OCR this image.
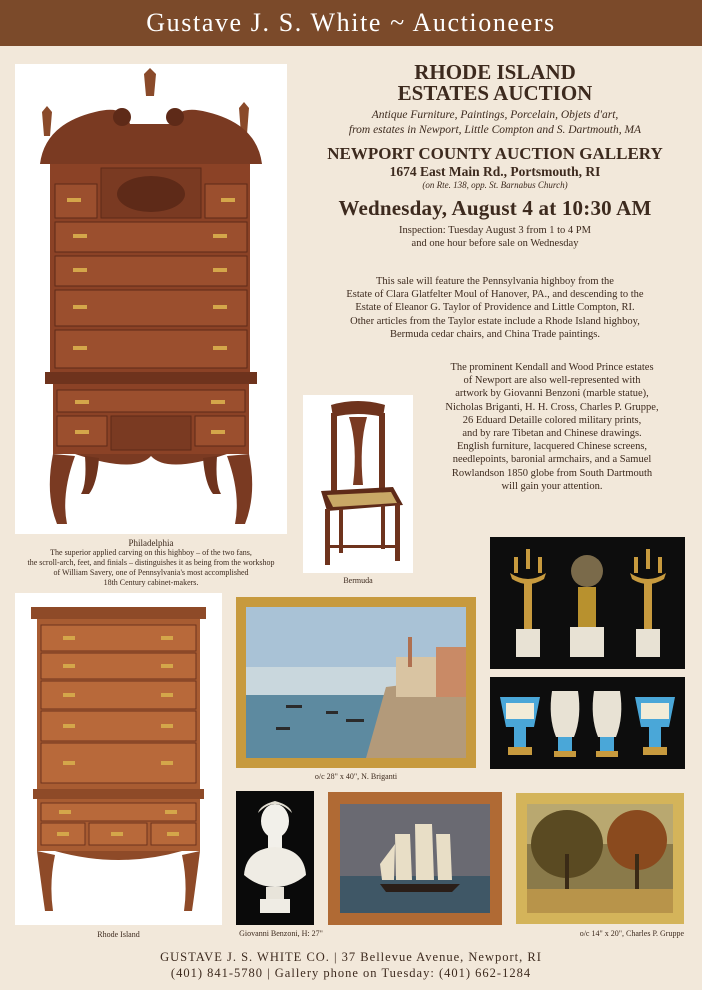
Gustave J. S. White ~ Auctioneers
Philadelphia
The superior applied carving on this highboy – of the two fans,
the scroll-arch, feet, and finials – distinguishes it as being from the workshop
of William Savery, one of Pennsylvania's most accomplished
18th Century cabinet-makers.
RHODE ISLAND
ESTATES AUCTION
Antique Furniture, Paintings, Porcelain, Objets d'art,
from estates in Newport, Little Compton and S. Dartmouth, MA
NEWPORT COUNTY AUCTION GALLERY
1674 East Main Rd., Portsmouth, RI
(on Rte. 138, opp. St. Barnabus Church)
Wednesday, August 4 at 10:30 AM
Inspection: Tuesday August 3 from 1 to 4 PM
and one hour before sale on Wednesday
This sale will feature the Pennsylvania highboy from the
Estate of Clara Glatfelter Moul of Hanover, PA., and descending to the
Estate of Eleanor G. Taylor of Providence and Little Compton, RI.
Other articles from the Taylor estate include a Rhode Island highboy,
Bermuda cedar chairs, and China Trade paintings.
Bermuda
The prominent Kendall and Wood Prince estates
of Newport are also well-represented with
artwork by Giovanni Benzoni (marble statue),
Nicholas Briganti, H. H. Cross, Charles P. Gruppe,
26 Eduard Detaille colored military prints,
and by rare Tibetan and Chinese drawings.
English furniture, lacquered Chinese screens,
needlepoints, baronial armchairs, and a Samuel
Rowlandson 1850 globe from South Dartmouth
will gain your attention.
Rhode Island
o/c 28" x 40", N. Briganti
Giovanni Benzoni, H: 27"	o/c 14" x 20", Charles P. Gruppe
GUSTAVE J. S. WHITE CO. | 37 Bellevue Avenue, Newport, RI
(401) 841-5780 | Gallery phone on Tuesday: (401) 662-1284
